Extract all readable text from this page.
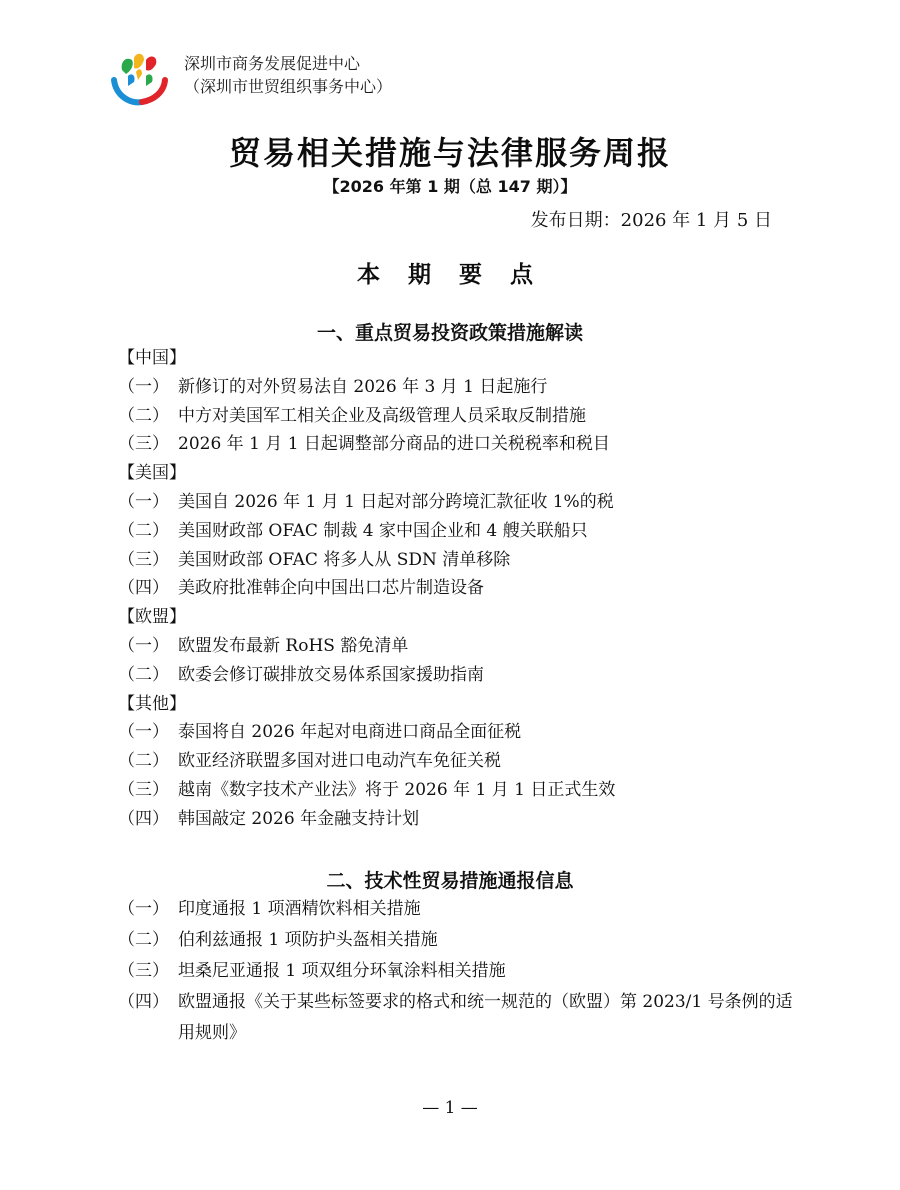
深圳市商务发展促进中心
（深圳市世贸组织事务中心）
贸易相关措施与法律服务周报
【2026 年第 1 期（总 147 期）】
发布日期：2026 年 1 月 5 日
本 期 要 点
一、重点贸易投资政策措施解读
【中国】
（一） 新修订的对外贸易法自 2026 年 3 月 1 日起施行
（二） 中方对美国军工相关企业及高级管理人员采取反制措施
（三） 2026 年 1 月 1 日起调整部分商品的进口关税税率和税目
【美国】
（一） 美国自 2026 年 1 月 1 日起对部分跨境汇款征收 1%的税
（二） 美国财政部 OFAC 制裁 4 家中国企业和 4 艘关联船只
（三） 美国财政部 OFAC 将多人从 SDN 清单移除
（四） 美政府批准韩企向中国出口芯片制造设备
【欧盟】
（一） 欧盟发布最新 RoHS 豁免清单
（二） 欧委会修订碳排放交易体系国家援助指南
【其他】
（一） 泰国将自 2026 年起对电商进口商品全面征税
（二） 欧亚经济联盟多国对进口电动汽车免征关税
（三） 越南《数字技术产业法》将于 2026 年 1 月 1 日正式生效
（四） 韩国敲定 2026 年金融支持计划
二、技术性贸易措施通报信息
（一） 印度通报 1 项酒精饮料相关措施
（二） 伯利兹通报 1 项防护头盔相关措施
（三） 坦桑尼亚通报 1 项双组分环氧涂料相关措施
（四） 欧盟通报《关于某些标签要求的格式和统一规范的（欧盟）第 2023/1 号条例的适用规则》
— 1 —
